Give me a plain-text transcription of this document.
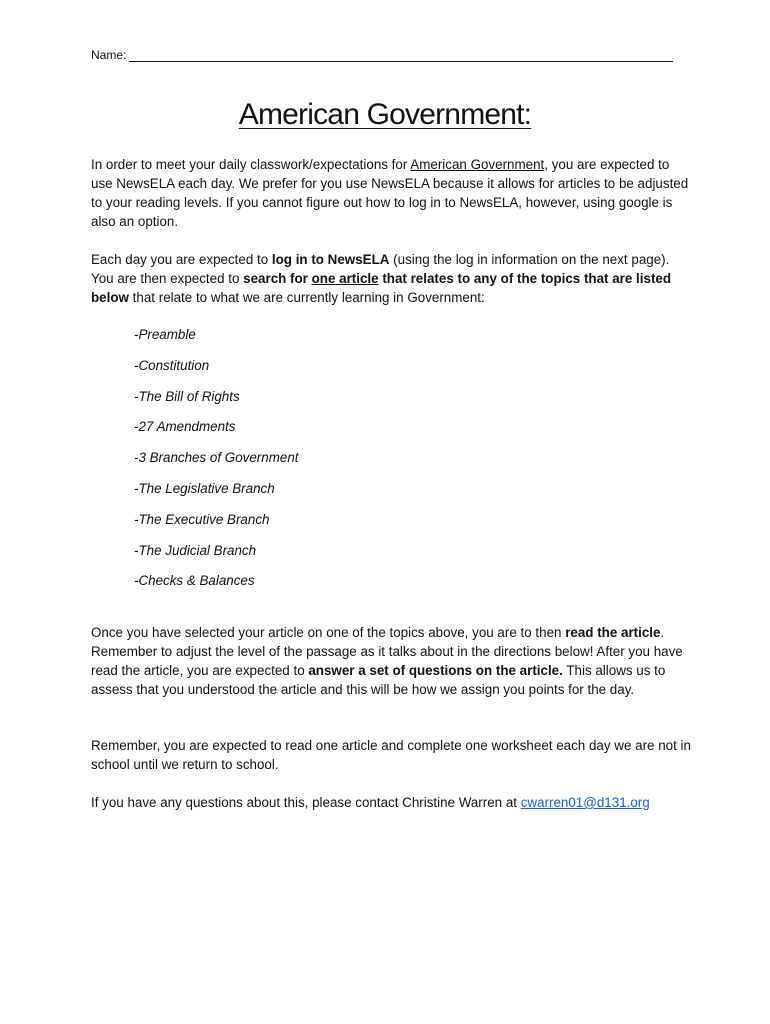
Name:
American Government:
In order to meet your daily classwork/expectations for American Government, you are expected to use NewsELA each day. We prefer for you use NewsELA because it allows for articles to be adjusted to your reading levels. If you cannot figure out how to log in to NewsELA, however, using google is also an option.
Each day you are expected to log in to NewsELA (using the log in information on the next page). You are then expected to search for one article that relates to any of the topics that are listed below that relate to what we are currently learning in Government:
-Preamble
-Constitution
-The Bill of Rights
-27 Amendments
-3 Branches of Government
-The Legislative Branch
-The Executive Branch
-The Judicial Branch
-Checks & Balances
Once you have selected your article on one of the topics above, you are to then read the article. Remember to adjust the level of the passage as it talks about in the directions below! After you have read the article, you are expected to answer a set of questions on the article. This allows us to assess that you understood the article and this will be how we assign you points for the day.
Remember, you are expected to read one article and complete one worksheet each day we are not in school until we return to school.
If you have any questions about this, please contact Christine Warren at cwarren01@d131.org
